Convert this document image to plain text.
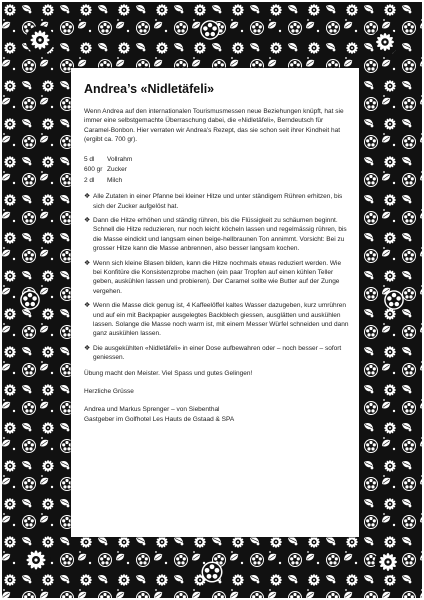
Andrea’s «Nidletäfeli»

Wenn Andrea auf den internationalen Tourismusmessen neue Beziehungen knüpft, hat sie immer eine selbstgemachte Überraschung dabei, die «Nidletäfeli», Berndeutsch für Caramel-Bonbon. Hier verraten wir Andrea’s Rezept, das sie schon seit ihrer Kindheit hat (ergibt ca. 700 gr).

5 dl	Vollrahm
600 gr Zucker
2 dl	Milch
❖ Alle Zutaten in einer Pfanne bei kleiner Hitze und unter ständigem Rühren erhitzen, bis sich der Zucker aufgelöst hat.
❖ Dann die Hitze erhöhen und ständig rühren, bis die Flüssigkeit zu schäumen beginnt. Schnell die Hitze reduzieren, nur noch leicht köcheln lassen und regelmässig rühren, bis die Masse eindickt und langsam einen beige-hellbraunen Ton annimmt. Vorsicht: Bei zu grosser Hitze kann die Masse anbrennen, also besser langsam kochen.
❖ Wenn sich kleine Blasen bilden, kann die Hitze nochmals etwas reduziert werden. Wie bei Konfitüre die Konsistenzprobe machen (ein paar Tropfen auf einen kühlen Teller geben, auskühlen lassen und probieren). Der Caramel sollte wie Butter auf der Zunge vergehen.
❖ Wenn die Masse dick genug ist, 4 Kaffeelöffel kaltes Wasser dazugeben, kurz umrühren und auf ein mit Backpapier ausgelegtes Backblech giessen, ausglätten und auskühlen lassen. Solange die Masse noch warm ist, mit einem Messer Würfel schneiden und dann ganz auskühlen lassen.
❖ Die ausgekühlten «Nidletäfeli» in einer Dose aufbewahren oder – noch besser – sofort geniessen.

Übung macht den Meister. Viel Spass und gutes Gelingen!

Herzliche Grüsse

Andrea und Markus Sprenger – von Siebenthal

Gastgeber im Golfhotel Les Hauts de Gstaad & SPA
